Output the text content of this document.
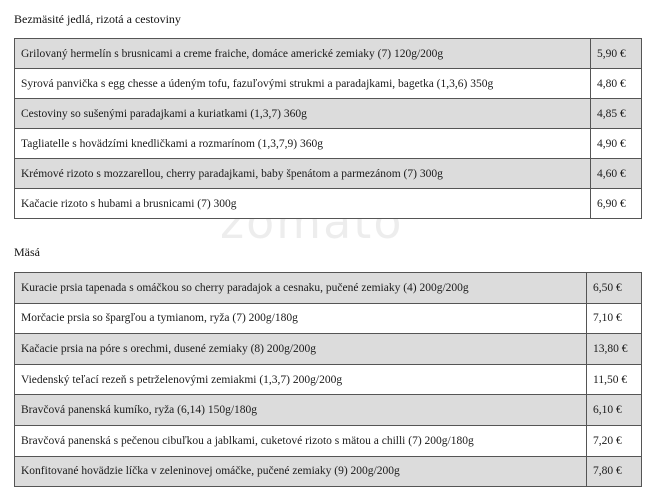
zomato
Bezmäsité jedlá, rizotá a cestoviny
Grilovaný hermelín s brusnicami a creme fraiche, domáce americké zemiaky (7) 120g/200g	5,90 €
Syrová panvička s egg chesse a údeným tofu, fazuľovými strukmi a paradajkami, bagetka (1,3,6) 350g	4,80 €
Cestoviny so sušenými paradajkami a kuriatkami (1,3,7) 360g	4,85 €
Tagliatelle s hovädzími knedličkami a rozmarínom (1,3,7,9) 360g	4,90 €
Krémové rizoto s mozzarellou, cherry paradajkami, baby špenátom a parmezánom (7) 300g	4,60 €
Kačacie rizoto s hubami a brusnicami (7) 300g	6,90 €
Mäsá
Kuracie prsia tapenada s omáčkou so cherry paradajok a cesnaku, pučené zemiaky (4) 200g/200g	6,50 €
Morčacie prsia so špargľou a tymianom, ryža (7) 200g/180g	7,10 €
Kačacie prsia na póre s orechmi, dusené zemiaky (8) 200g/200g	13,80 €
Viedenský teľací rezeň s petrželenovými zemiakmi (1,3,7) 200g/200g	11,50 €
Bravčová panenská kumíko, ryža (6,14) 150g/180g	6,10 €
Bravčová panenská s pečenou cibuľkou a jablkami, cuketové rizoto s mätou a chilli (7) 200g/180g	7,20 €
Konfitované hovädzie líčka v zeleninovej omáčke, pučené zemiaky (9) 200g/200g	7,80 €
